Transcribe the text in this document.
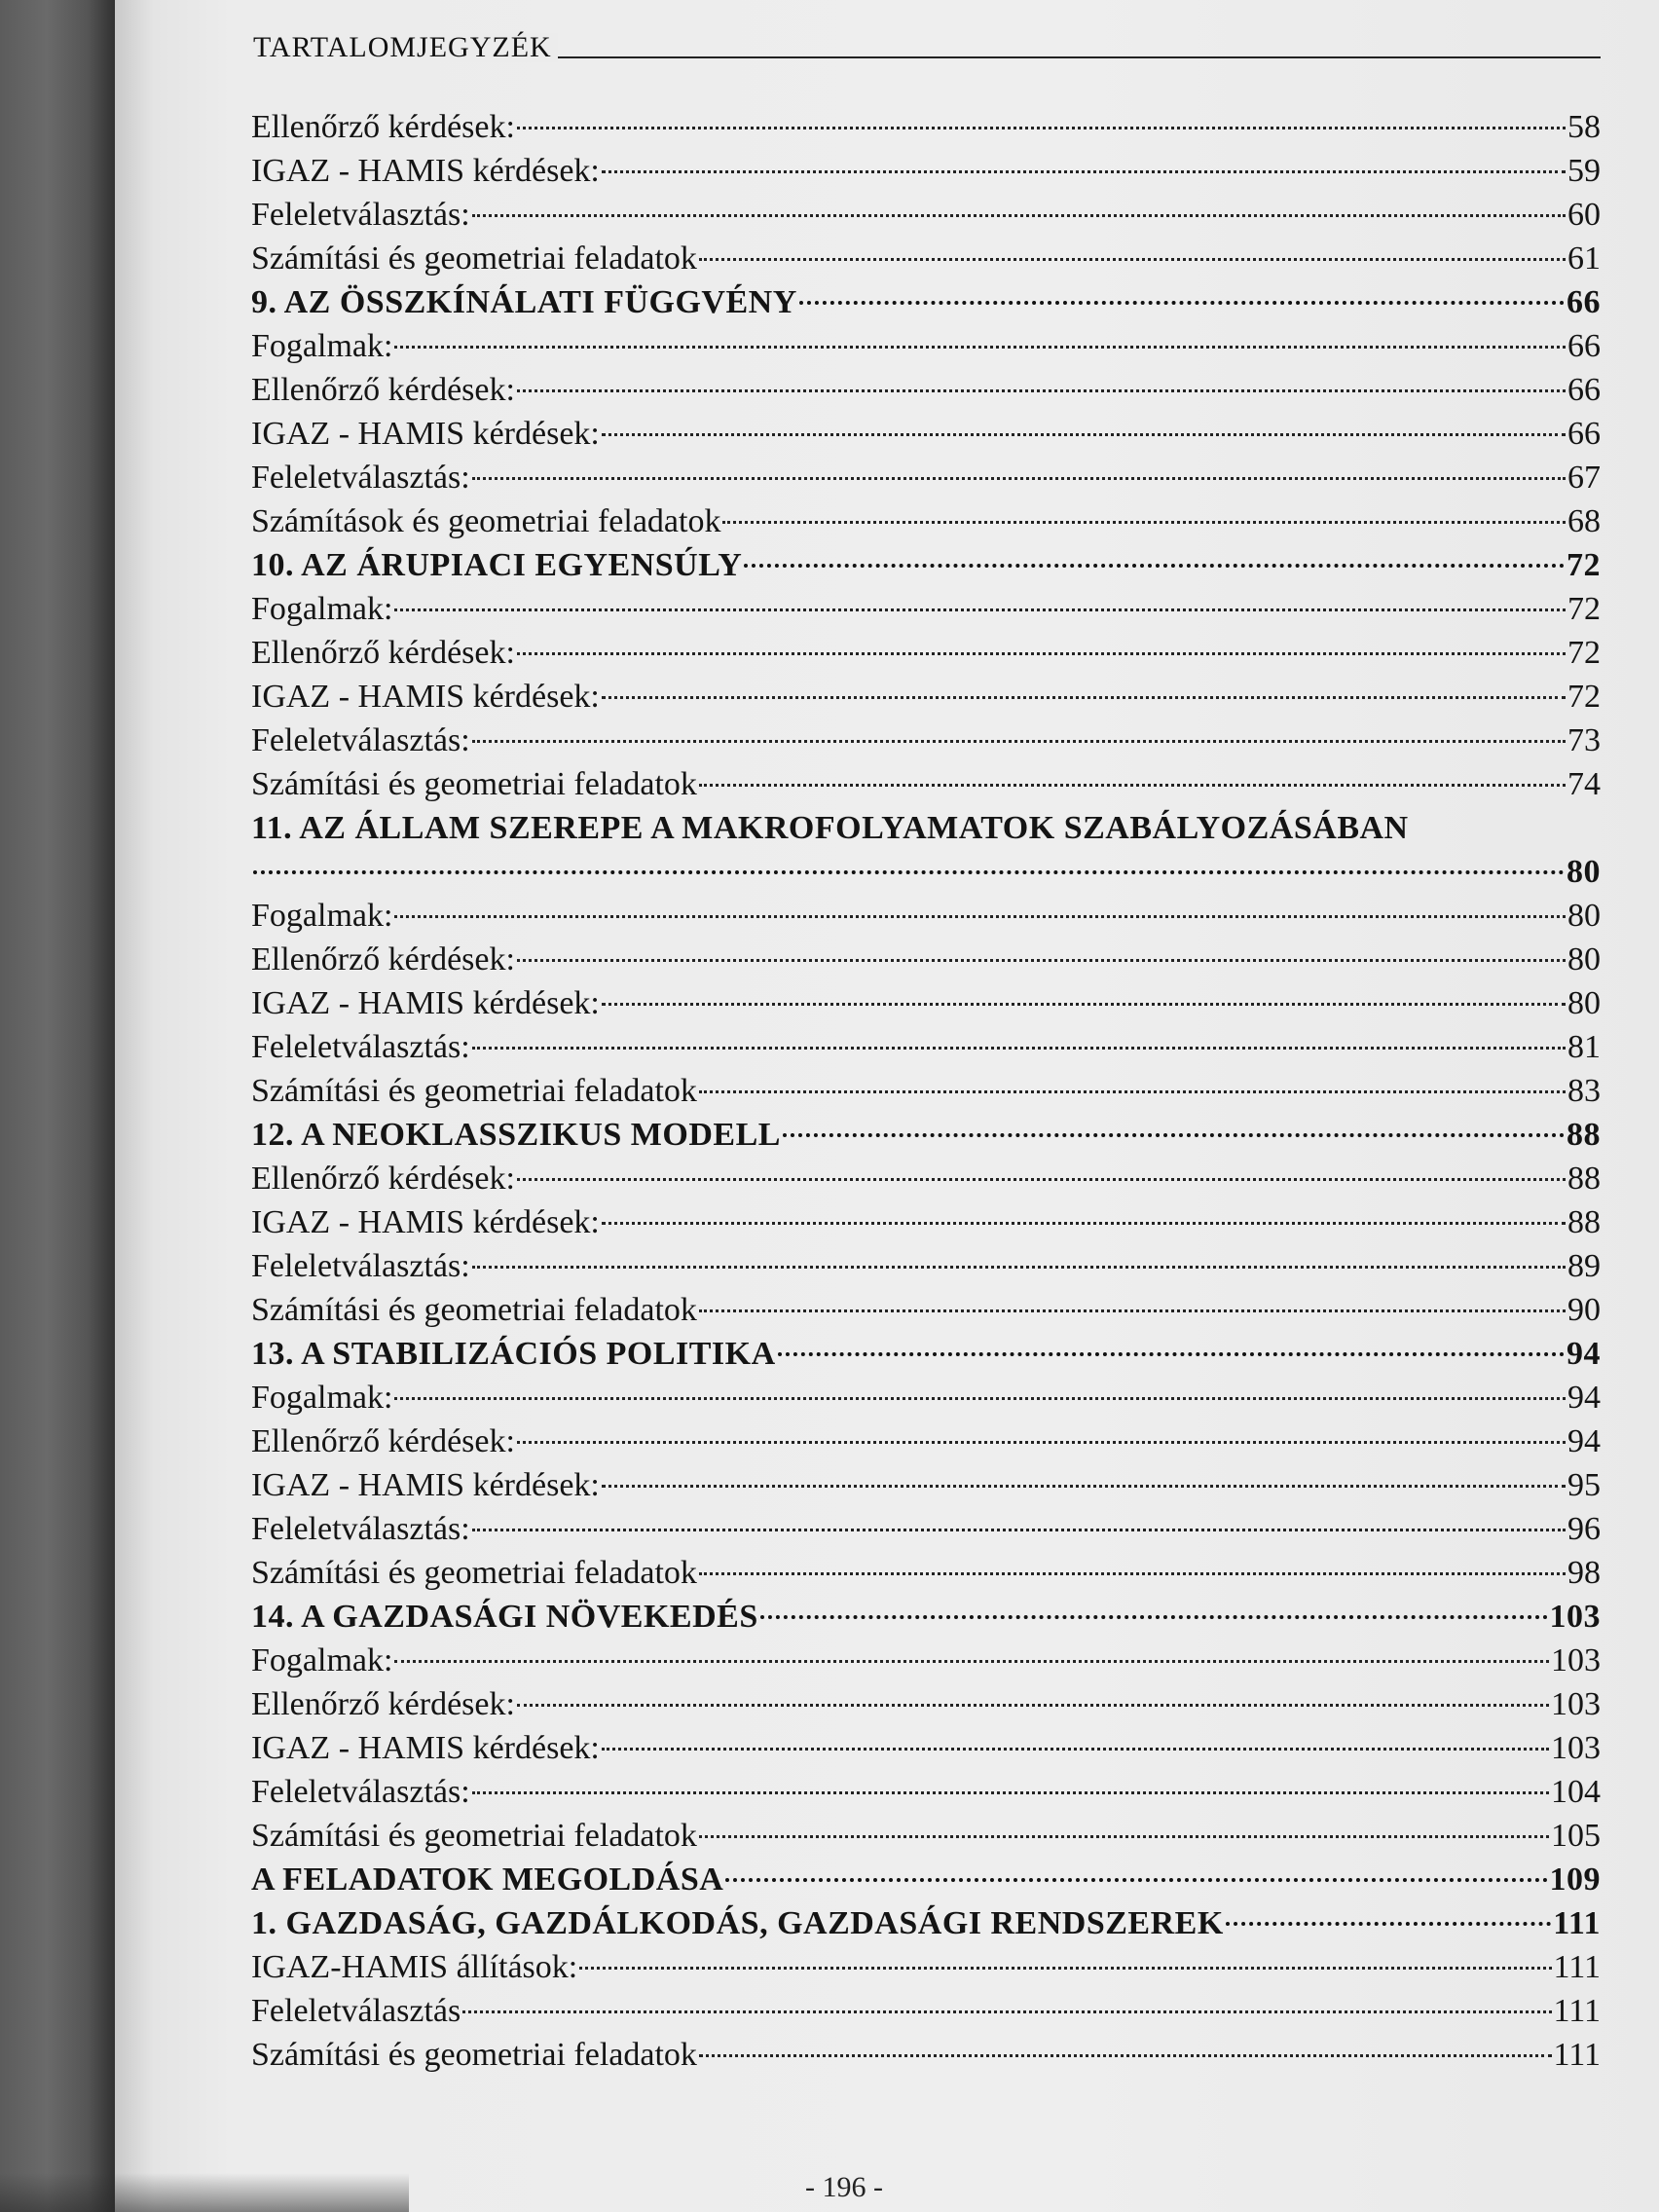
TARTALOMJEGYZÉK
Ellenőrző kérdések:	58
IGAZ - HAMIS kérdések:	59
Feleletválasztás:	60
Számítási és geometriai feladatok	61
9. AZ ÖSSZKÍNÁLATI FÜGGVÉNY	66
Fogalmak:	66
Ellenőrző kérdések:	66
IGAZ - HAMIS kérdések:	66
Feleletválasztás:	67
Számítások és geometriai feladatok	68
10. AZ ÁRUPIACI EGYENSÚLY	72
Fogalmak:	72
Ellenőrző kérdések:	72
IGAZ - HAMIS kérdések:	72
Feleletválasztás:	73
Számítási és geometriai feladatok	74
11. AZ ÁLLAM SZEREPE A MAKROFOLYAMATOK SZABÁLYOZÁSÁBAN
80
Fogalmak:	80
Ellenőrző kérdések:	80
IGAZ - HAMIS kérdések:	80
Feleletválasztás:	81
Számítási és geometriai feladatok	83
12. A NEOKLASSZIKUS MODELL	88
Ellenőrző kérdések:	88
IGAZ - HAMIS kérdések:	88
Feleletválasztás:	89
Számítási és geometriai feladatok	90
13. A STABILIZÁCIÓS POLITIKA	94
Fogalmak:	94
Ellenőrző kérdések:	94
IGAZ - HAMIS kérdések:	95
Feleletválasztás:	96
Számítási és geometriai feladatok	98
14. A GAZDASÁGI NÖVEKEDÉS	103
Fogalmak:	103
Ellenőrző kérdések:	103
IGAZ - HAMIS kérdések:	103
Feleletválasztás:	104
Számítási és geometriai feladatok	105
A FELADATOK MEGOLDÁSA	109
1. GAZDASÁG, GAZDÁLKODÁS, GAZDASÁGI RENDSZEREK	111
IGAZ-HAMIS állítások:	111
Feleletválasztás	111
Számítási és geometriai feladatok	111
- 196 -
